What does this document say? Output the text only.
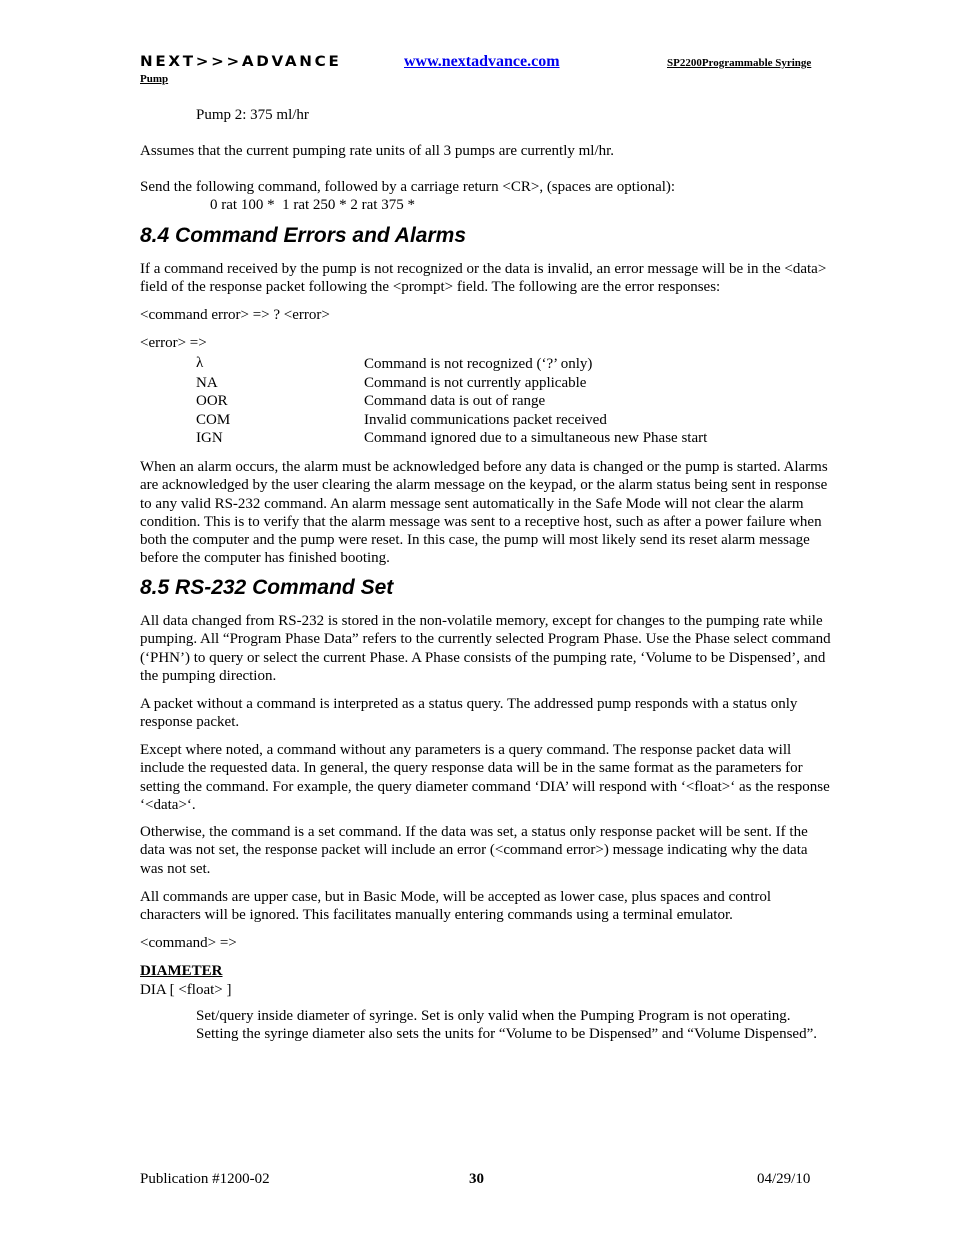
NEXT>>>ADVANCE	www.nextadvance.com	SP2200Programmable Syringe
Pump
Pump 2: 375 ml/hr
Assumes that the current pumping rate units of all 3 pumps are currently ml/hr.
Send the following command, followed by a carriage return <CR>, (spaces are optional):
0 rat 100 *  1 rat 250 * 2 rat 375 *
8.4 Command Errors and Alarms
If a command received by the pump is not recognized or the data is invalid, an error message will be in the <data> field of the response packet following the <prompt> field. The following are the error responses:
<command error> => ? <error>
<error> =>
λ	Command is not recognized (‘?’ only)
NA	Command is not currently applicable
OOR	Command data is out of range
COM	Invalid communications packet received
IGN	Command ignored due to a simultaneous new Phase start
When an alarm occurs, the alarm must be acknowledged before any data is changed or the pump is started. Alarms are acknowledged by the user clearing the alarm message on the keypad, or the alarm status being sent in response to any valid RS-232 command. An alarm message sent automatically in the Safe Mode will not clear the alarm condition. This is to verify that the alarm message was sent to a receptive host, such as after a power failure when both the computer and the pump were reset. In this case, the pump will most likely send its reset alarm message before the computer has finished booting.
8.5 RS-232 Command Set
All data changed from RS-232 is stored in the non-volatile memory, except for changes to the pumping rate while pumping. All “Program Phase Data” refers to the currently selected Program Phase. Use the Phase select command (‘PHN’) to query or select the current Phase. A Phase consists of the pumping rate, ‘Volume to be Dispensed’, and the pumping direction.
A packet without a command is interpreted as a status query. The addressed pump responds with a status only response packet.
Except where noted, a command without any parameters is a query command. The response packet data will include the requested data. In general, the query response data will be in the same format as the parameters for setting the command. For example, the query diameter command ‘DIA’ will respond with ‘<float>‘ as the response ‘<data>‘.
Otherwise, the command is a set command. If the data was set, a status only response packet will be sent. If the data was not set, the response packet will include an error (<command error>) message indicating why the data was not set.
All commands are upper case, but in Basic Mode, will be accepted as lower case, plus spaces and control characters will be ignored. This facilitates manually entering commands using a terminal emulator.
<command> =>
DIAMETER
DIA [ <float> ]
Set/query inside diameter of syringe. Set is only valid when the Pumping Program is not operating. Setting the syringe diameter also sets the units for “Volume to be Dispensed” and “Volume Dispensed”.
Publication #1200-02	30	04/29/10
